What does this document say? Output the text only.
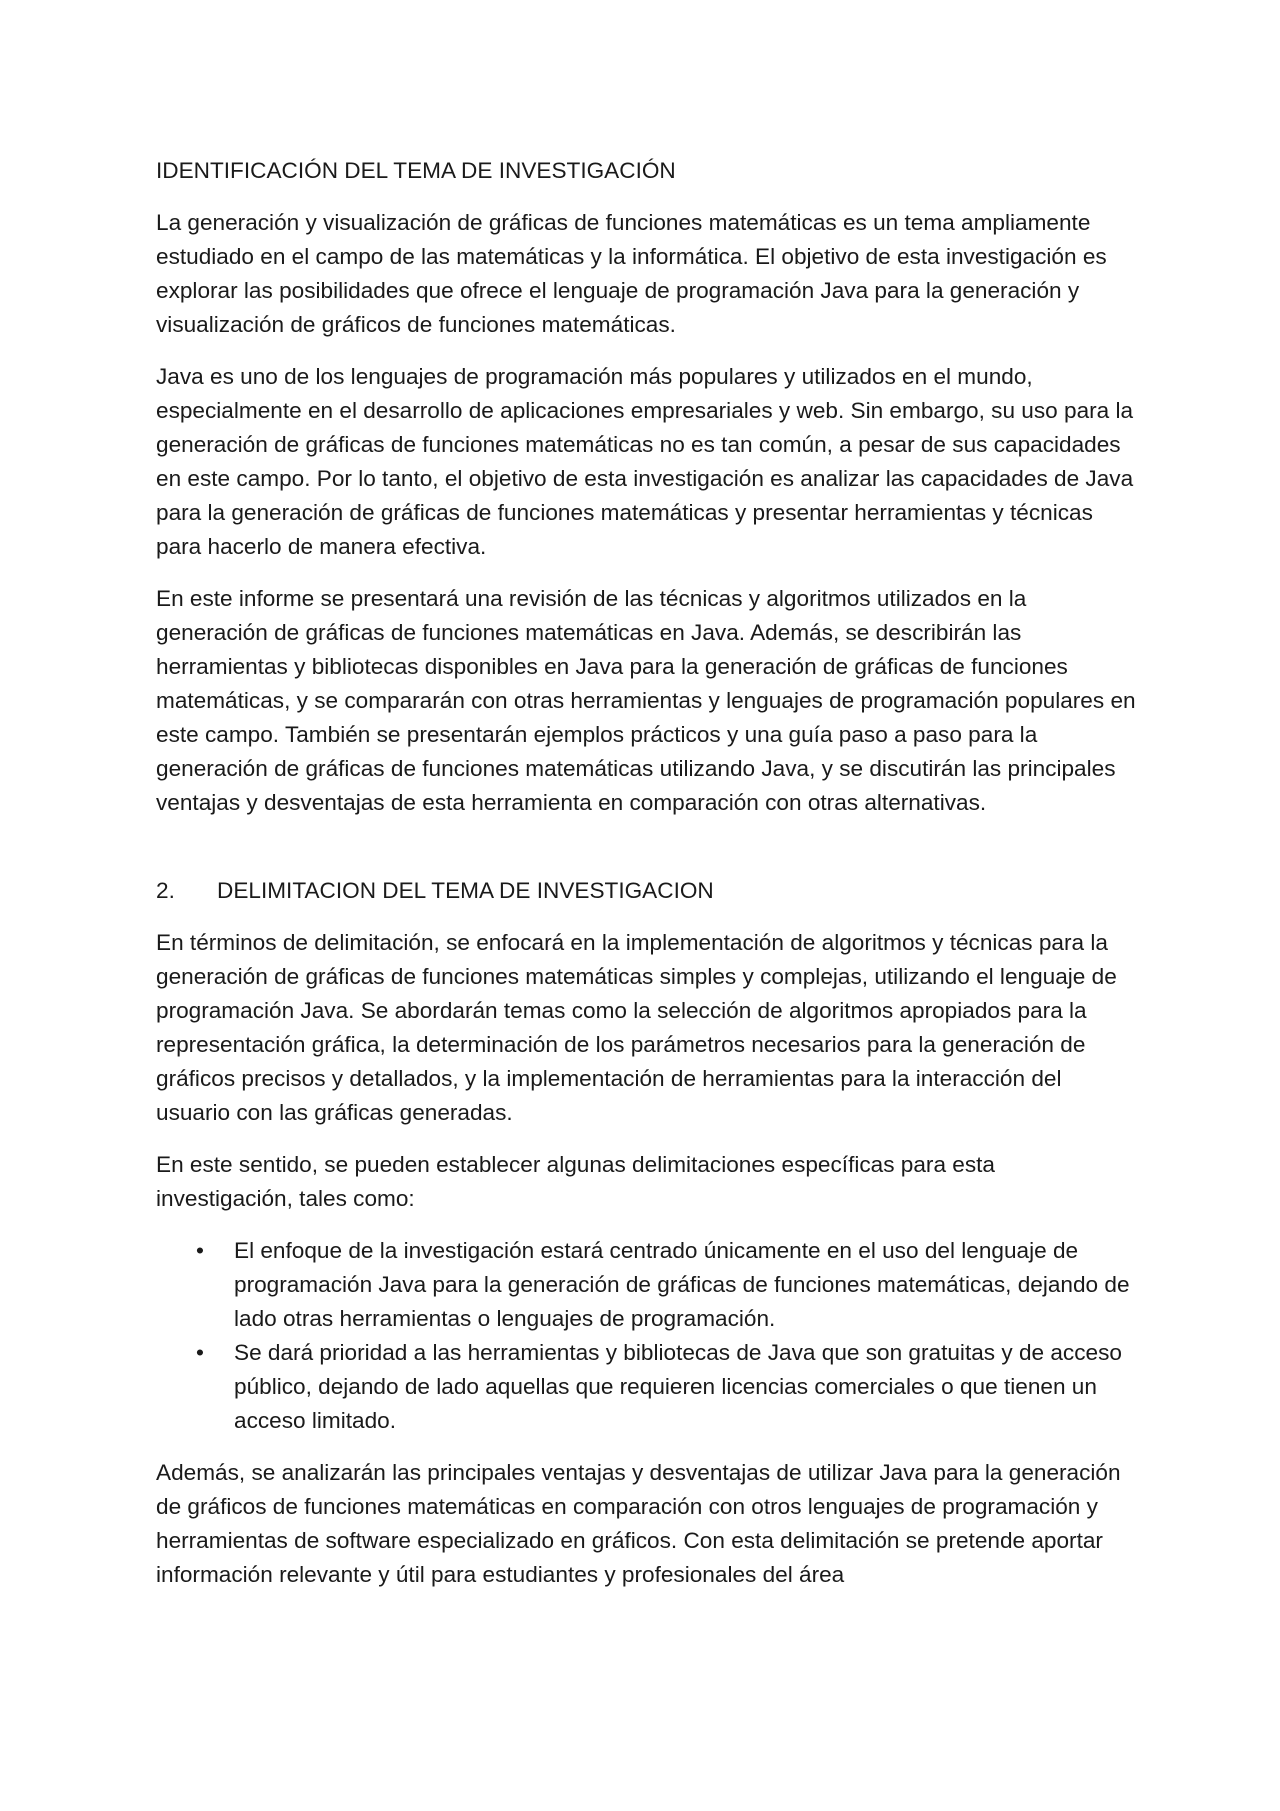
IDENTIFICACIÓN DEL TEMA DE INVESTIGACIÓN

La generación y visualización de gráficas de funciones matemáticas es un tema ampliamente estudiado en el campo de las matemáticas y la informática. El objetivo de esta investigación es explorar las posibilidades que ofrece el lenguaje de programación Java para la generación y visualización de gráficos de funciones matemáticas.

Java es uno de los lenguajes de programación más populares y utilizados en el mundo, especialmente en el desarrollo de aplicaciones empresariales y web. Sin embargo, su uso para la generación de gráficas de funciones matemáticas no es tan común, a pesar de sus capacidades en este campo. Por lo tanto, el objetivo de esta investigación es analizar las capacidades de Java para la generación de gráficas de funciones matemáticas y presentar herramientas y técnicas para hacerlo de manera efectiva.

En este informe se presentará una revisión de las técnicas y algoritmos utilizados en la generación de gráficas de funciones matemáticas en Java. Además, se describirán las herramientas y bibliotecas disponibles en Java para la generación de gráficas de funciones matemáticas, y se compararán con otras herramientas y lenguajes de programación populares en este campo. También se presentarán ejemplos prácticos y una guía paso a paso para la generación de gráficas de funciones matemáticas utilizando Java, y se discutirán las principales ventajas y desventajas de esta herramienta en comparación con otras alternativas.

2.	DELIMITACION DEL TEMA DE INVESTIGACION

En términos de delimitación, se enfocará en la implementación de algoritmos y técnicas para la generación de gráficas de funciones matemáticas simples y complejas, utilizando el lenguaje de programación Java. Se abordarán temas como la selección de algoritmos apropiados para la representación gráfica, la determinación de los parámetros necesarios para la generación de gráficos precisos y detallados, y la implementación de herramientas para la interacción del usuario con las gráficas generadas.

En este sentido, se pueden establecer algunas delimitaciones específicas para esta investigación, tales como:

• El enfoque de la investigación estará centrado únicamente en el uso del lenguaje de programación Java para la generación de gráficas de funciones matemáticas, dejando de lado otras herramientas o lenguajes de programación.
• Se dará prioridad a las herramientas y bibliotecas de Java que son gratuitas y de acceso público, dejando de lado aquellas que requieren licencias comerciales o que tienen un acceso limitado.

Además, se analizarán las principales ventajas y desventajas de utilizar Java para la generación de gráficos de funciones matemáticas en comparación con otros lenguajes de programación y herramientas de software especializado en gráficos. Con esta delimitación se pretende aportar información relevante y útil para estudiantes y profesionales del área
